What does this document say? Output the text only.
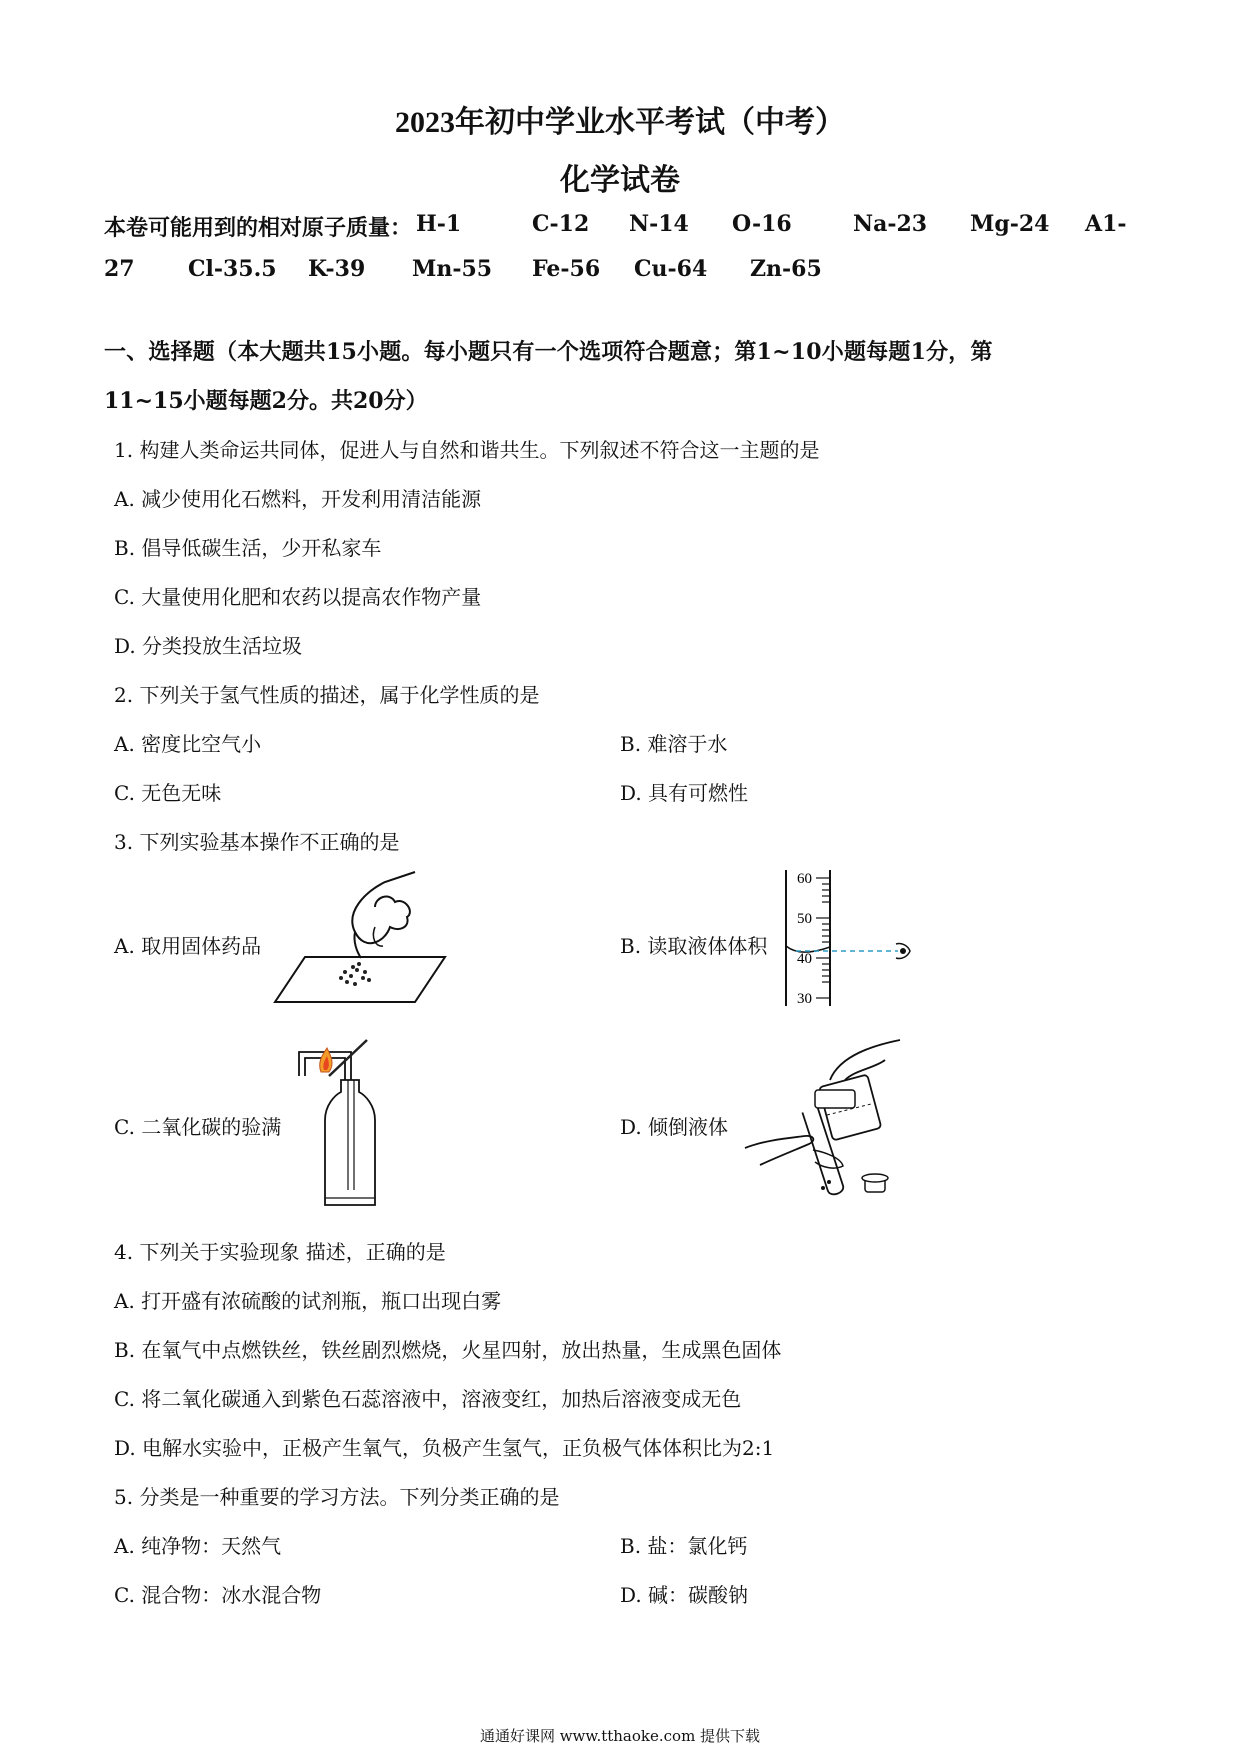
2023年初中学业水平考试（中考）
化学试卷
本卷可能用到的相对原子质量： H-1	C-12 N-14 O-16	Na-23 Mg-24 A1-
27 Cl-35.5 K-39 Mn-55 Fe-56 Cu-64 Zn-65
一、选择题（本大题共15小题。每小题只有一个选项符合题意；第1~10小题每题1分，第
11~15小题每题2分。共20分）
1. 构建人类命运共同体，促进人与自然和谐共生。下列叙述不符合这一主题的是
A. 减少使用化石燃料，开发利用清洁能源
B. 倡导低碳生活，少开私家车
C. 大量使用化肥和农药以提高农作物产量
D. 分类投放生活垃圾
2. 下列关于氢气性质的描述，属于化学性质的是
A. 密度比空气小	B. 难溶于水
C. 无色无味	D. 具有可燃性
3. 下列实验基本操作不正确的是
A. 取用固体药品	B. 读取液体体积
60
50
40
30
C. 二氧化碳的验满	D. 倾倒液体
4. 下列关于实验现象 描述，正确的是
A. 打开盛有浓硫酸的试剂瓶，瓶口出现白雾
B. 在氧气中点燃铁丝，铁丝剧烈燃烧，火星四射，放出热量，生成黑色固体
C. 将二氧化碳通入到紫色石蕊溶液中，溶液变红，加热后溶液变成无色
D. 电解水实验中，正极产生氧气，负极产生氢气，正负极气体体积比为2:1
5. 分类是一种重要的学习方法。下列分类正确的是
A. 纯净物：天然气	B. 盐：氯化钙
C. 混合物：冰水混合物	D. 碱：碳酸钠
通通好课网 www.tthaoke.com 提供下载
